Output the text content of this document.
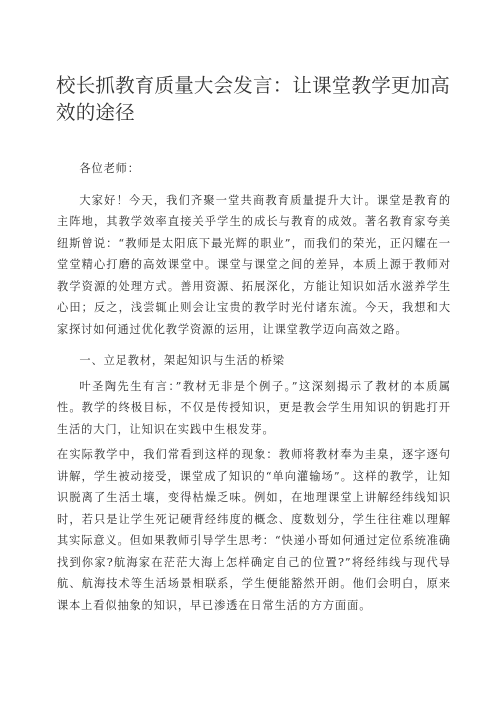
校长抓教育质量大会发言：让课堂教学更加高效的途径

各位老师：

大家好！今天，我们齐聚一堂共商教育质量提升大计。课堂是教育的主阵地，其教学效率直接关乎学生的成长与教育的成效。著名教育家夸美纽斯曾说：“教师是太阳底下最光辉的职业”，而我们的荣光，正闪耀在一堂堂精心打磨的高效课堂中。课堂与课堂之间的差异，本质上源于教师对教学资源的处理方式。善用资源、拓展深化，方能让知识如活水滋养学生心田；反之，浅尝辄止则会让宝贵的教学时光付诸东流。今天，我想和大家探讨如何通过优化教学资源的运用，让课堂教学迈向高效之路。

一、立足教材，架起知识与生活的桥梁

叶圣陶先生有言：”教材无非是个例子。”这深刻揭示了教材的本质属性。教学的终极目标，不仅是传授知识，更是教会学生用知识的钥匙打开生活的大门，让知识在实践中生根发芽。

在实际教学中，我们常看到这样的现象：教师将教材奉为圭臬，逐字逐句讲解，学生被动接受，课堂成了知识的“单向灌输场”。这样的教学，让知识脱离了生活土壤，变得枯燥乏味。例如，在地理课堂上讲解经纬线知识时，若只是让学生死记硬背经纬度的概念、度数划分，学生往往难以理解其实际意义。但如果教师引导学生思考：“快递小哥如何通过定位系统准确找到你家?航海家在茫茫大海上怎样确定自己的位置?”将经纬线与现代导航、航海技术等生活场景相联系，学生便能豁然开朗。他们会明白，原来课本上看似抽象的知识，早已渗透在日常生活的方方面面。
